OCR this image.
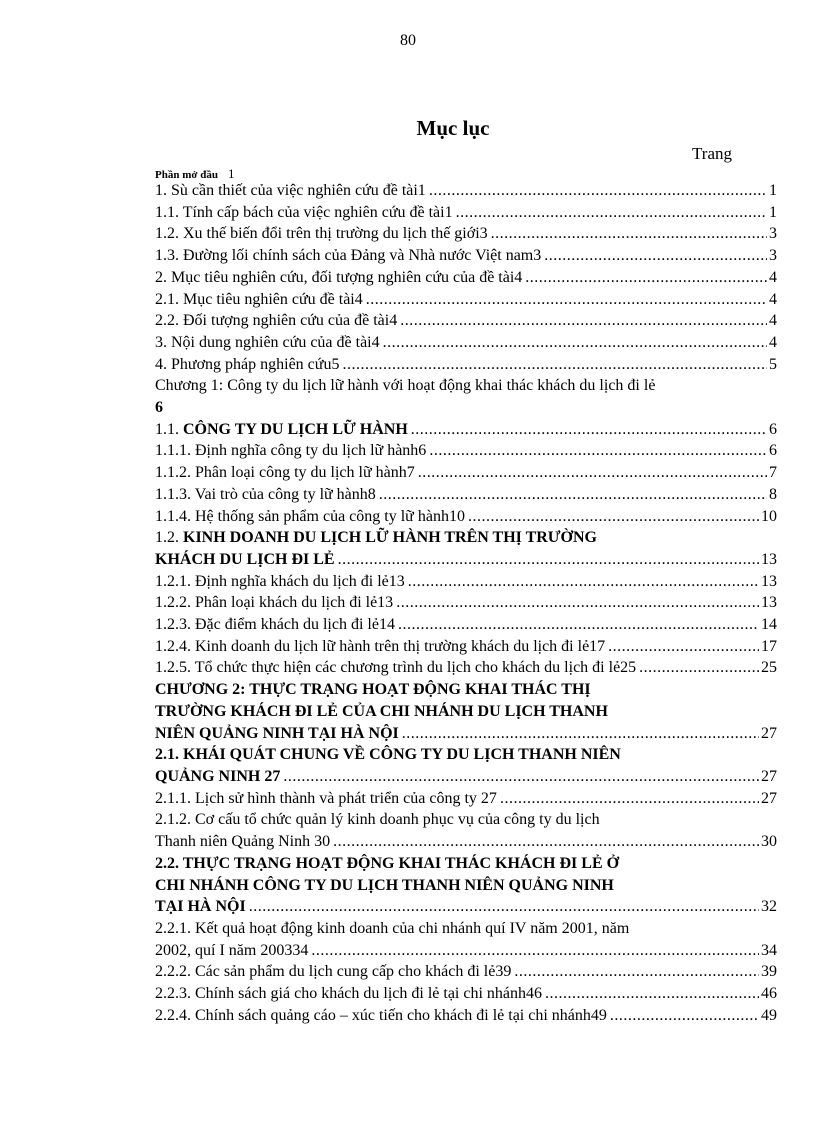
80
Mục lục
Trang
Phần mở đầu 1
1. Sù cần thiết của việc nghiên cứu đề tài1 .....	1
1.1. Tính cấp bách của việc nghiên cứu đề tài1 .....	1
1.2. Xu thế biến đổi trên thị trường du lịch thế giới3 .....	3
1.3. Đường lối chính sách của Đảng và Nhà nước Việt nam3 .....	3
2. Mục tiêu nghiên cứu, đối tượng nghiên cứu của đề tài4 .....	4
2.1. Mục tiêu nghiên cứu đề tài4 .....	4
2.2. Đối tượng nghiên cứu của đề tài4 .....	4
3. Nội dung nghiên cứu của đề tài4 .....	4
4. Phương pháp nghiên cứu5 .....	5
Chương 1: Công ty du lịch lữ hành với hoạt động khai thác khách du lịch đi lẻ
6
1.1. CÔNG TY DU LỊCH LỮ HÀNH .....	6
1.1.1. Định nghĩa công ty du lịch lữ hành6 .....	6
1.1.2. Phân loại công ty du lịch lữ hành7 .....	7
1.1.3. Vai trò của công ty lữ hành8 .....	8
1.1.4. Hệ thống sản phẩm của công ty lữ hành10 .....	10
1.2. KINH DOANH DU LỊCH LỮ HÀNH TRÊN THỊ TRƯỜNG
KHÁCH DU LỊCH ĐI LẺ .....	13
1.2.1. Định nghĩa khách du lịch đi lẻ13 .....	13
1.2.2. Phân loại khách du lịch đi lẻ13 .....	13
1.2.3. Đặc điểm khách du lịch đi lẻ14 .....	14
1.2.4. Kinh doanh du lịch lữ hành trên thị trường khách du lịch đi lẻ17 .....	17
1.2.5. Tổ chức thực hiện các chương trình du lịch cho khách du lịch đi lẻ25 .....	25
CHƯƠNG 2: THỰC TRẠNG HOẠT ĐỘNG KHAI THÁC THỊ
TRƯỜNG KHÁCH ĐI LẺ CỦA CHI NHÁNH DU LỊCH THANH
NIÊN QUẢNG NINH TẠI HÀ NỘI .....	27
2.1. KHÁI QUÁT CHUNG VỀ CÔNG TY DU LỊCH THANH NIÊN
QUẢNG NINH 27 .....	27
2.1.1. Lịch sử hình thành và phát triển của công ty 27 .....	27
2.1.2. Cơ cấu tổ chức quản lý kinh doanh phục vụ của công ty du lịch
Thanh niên Quảng Ninh 30 .....	30
2.2. THỰC TRẠNG HOẠT ĐỘNG KHAI THÁC KHÁCH ĐI LẺ Ở
CHI NHÁNH CÔNG TY DU LỊCH THANH NIÊN QUẢNG NINH
TẠI HÀ NỘI .....	32
2.2.1. Kết quả hoạt động kinh doanh của chi nhánh quí IV năm 2001, năm
2002, quí I năm 200334 .....	34
2.2.2. Các sản phẩm du lịch cung cấp cho khách đi lẻ39 .....	39
2.2.3. Chính sách giá cho khách du lịch đi lẻ tại chi nhánh46 .....	46
2.2.4. Chính sách quảng cáo – xúc tiến cho khách đi lẻ tại chi nhánh49 .....	49
